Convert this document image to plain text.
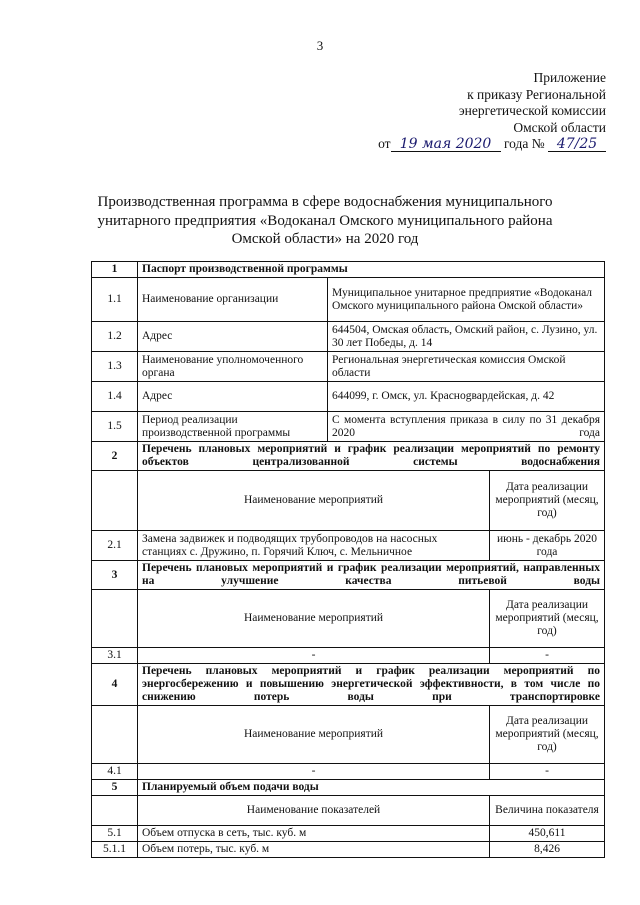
3
Приложение
к приказу Региональной
энергетической комиссии
Омской области
от 19 мая 2020 года № 47/25
Производственная программа в сфере водоснабжения муниципального унитарного предприятия «Водоканал Омского муниципального района Омской области» на 2020 год
1	Паспорт производственной программы		
1.1	Наименование организации	Муниципальное унитарное предприятие «Водоканал Омского муниципального района Омской области»	
1.2	Адрес	644504, Омская область, Омский район, с. Лузино, ул. 30 лет Победы, д. 14	
1.3	Наименование уполномоченного органа	Региональная энергетическая комиссия Омской области	
1.4	Адрес	644099, г. Омск, ул. Краснogвардейская, д. 42	
1.5	Период реализации производственной программы	С момента вступления приказа в силу по 31 декабря 2020 года	
2	Перечень плановых мероприятий и график реализации мероприятий по ремонту объектов централизованной системы водоснабжения		
	Наименование мероприятий		Дата реализации мероприятий (месяц, год)
2.1	Замена задвижек и подводящих трубопроводов на насосных станциях с. Дружино, п. Горячий Ключ, с. Мельничное		июнь - декабрь 2020 года
3	Перечень плановых мероприятий и график реализации мероприятий, направленных на улучшение качества питьевой воды		
	Наименование мероприятий		Дата реализации мероприятий (месяц, год)
3.1	-		-
4	Перечень плановых мероприятий и график реализации мероприятий по энергосбережению и повышению энергетической эффективности, в том числе по снижению потерь воды при транспортировке		
	Наименование мероприятий		Дата реализации мероприятий (месяц, год)
4.1	-		-
5	Планируемый объем подачи воды		
	Наименование показателей		Величина показателя
5.1	Объем отпуска в сеть, тыс. куб. м		450,611
5.1.1	Объем потерь, тыс. куб. м		8,426
